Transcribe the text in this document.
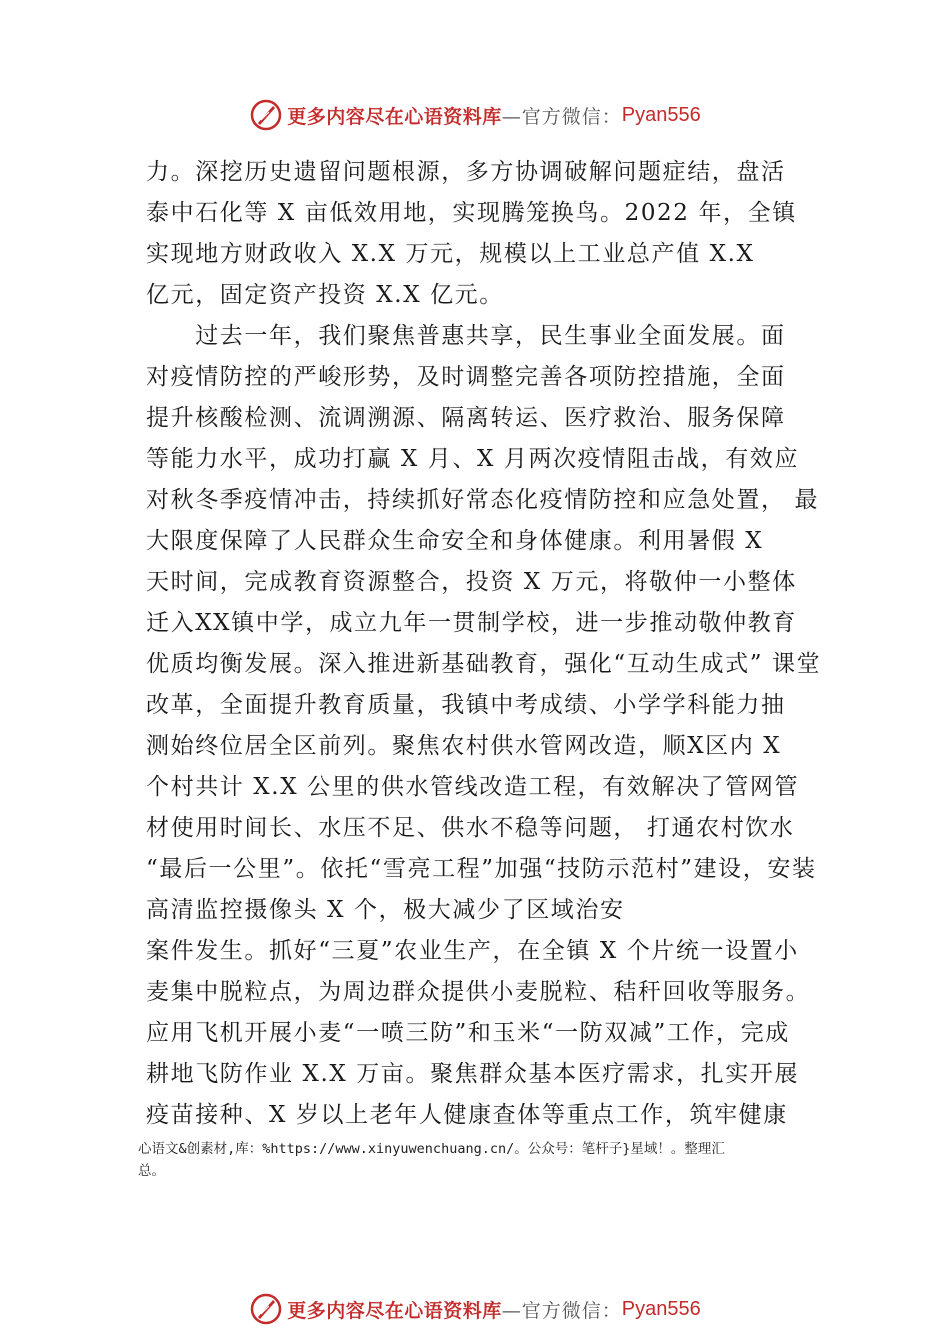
更多内容尽在心语资料库 —官方微信： Pyan556
力。深挖历史遗留问题根源，多方协调破解问题症结，盘活
泰中石化等 X 亩低效用地，实现腾笼换鸟。2022 年，全镇
实现地方财政收入 X.X 万元，规模以上工业总产值 X.X
亿元，固定资产投资 X.X 亿元。
　　过去一年，我们聚焦普惠共享，民生事业全面发展。面
对疫情防控的严峻形势，及时调整完善各项防控措施，全面
提升核酸检测、流调溯源、隔离转运、医疗救治、服务保障
等能力水平，成功打赢 X 月、X 月两次疫情阻击战，有效应
对秋冬季疫情冲击，持续抓好常态化疫情防控和应急处置， 最
大限度保障了人民群众生命安全和身体健康。利用暑假 X
天时间，完成教育资源整合，投资 X 万元，将敬仲一小整体
迁入XX镇中学，成立九年一贯制学校，进一步推动敬仲教育
优质均衡发展。深入推进新基础教育，强化“互动生成式” 课堂
改革，全面提升教育质量，我镇中考成绩、小学学科能力抽
测始终位居全区前列。聚焦农村供水管网改造，顺X区内 X
个村共计 X.X 公里的供水管线改造工程，有效解决了管网管
材使用时间长、水压不足、供水不稳等问题， 打通农村饮水
“最后一公里”。依托“雪亮工程”加强“技防示范村”建设，安装
高清监控摄像头 X 个，极大减少了区域治安
案件发生。抓好“三夏”农业生产，在全镇 X 个片统一设置小
麦集中脱粒点，为周边群众提供小麦脱粒、秸秆回收等服务。
应用飞机开展小麦“一喷三防”和玉米“一防双减”工作，完成
耕地飞防作业 X.X 万亩。聚焦群众基本医疗需求，扎实开展
疫苗接种、X 岁以上老年人健康查体等重点工作，筑牢健康
心语文&创素材,库：%https://www.xinyuwenchuang.cn/。公众号：笔杆子}星域！。整理汇
总。
更多内容尽在心语资料库 —官方微信： Pyan556
